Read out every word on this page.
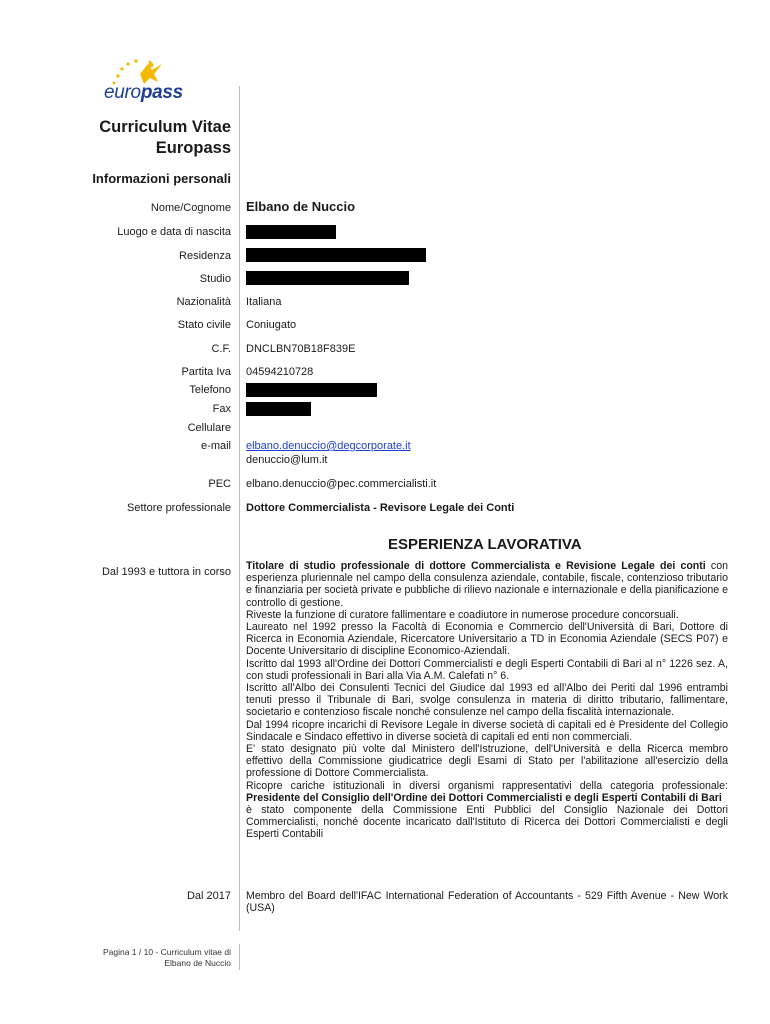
europass
Curriculum Vitae
Europass
Informazioni personali
Nome/Cognome Elbano de Nuccio
Luogo e data di nascita
Residenza
Studio
Nazionalità Italiana
Stato civile Coniugato
C.F. DNCLBN70B18F839E
Partita Iva 04594210728
Telefono
Fax
Cellulare
e-mail elbano.denuccio@degcorporate.it
denuccio@lum.it
PEC elbano.denuccio@pec.commercialisti.it
Settore professionale Dottore Commercialista - Revisore Legale dei Conti
ESPERIENZA LAVORATIVA
Dal 1993 e tuttora in corso Titolare di studio professionale di dottore Commercialista e Revisione Legale dei conti con esperienza pluriennale nel campo della consulenza aziendale, contabile, fiscale, contenzioso tributario e finanziaria per società private e pubbliche di rilievo nazionale e internazionale e della pianificazione e controllo di gestione.

Riveste la funzione di curatore fallimentare e coadiutore in numerose procedure concorsuali.

Laureato nel 1992 presso la Facoltà di Economia e Commercio dell'Università di Bari, Dottore di Ricerca in Economia Aziendale, Ricercatore Universitario a TD in Economia Aziendale (SECS P07) e Docente Universitario di discipline Economico-Aziendali.

Iscritto dal 1993 all'Ordine dei Dottori Commercialisti e degli Esperti Contabili di Bari al n° 1226 sez. A, con studi professionali in Bari alla Via A.M. Calefati n° 6.

Iscritto all'Albo dei Consulenti Tecnici del Giudice dal 1993 ed all'Albo dei Periti dal 1996 entrambi tenuti presso il Tribunale di Bari, svolge consulenza in materia di diritto tributario, fallimentare, societario e contenzioso fiscale nonché consulenze nel campo della fiscalità internazionale.

Dal 1994 ricopre incarichi di Revisore Legale in diverse società di capitali ed è Presidente del Collegio Sindacale e Sindaco effettivo in diverse società di capitali ed enti non commerciali.

E' stato designato più volte dal Ministero dell'Istruzione, dell'Università e della Ricerca membro effettivo della Commissione giudicatrice degli Esami di Stato per l'abilitazione all'esercizio della professione di Dottore Commercialista.

Ricopre cariche istituzionali in diversi organismi rappresentativi della categoria professionale: Presidente del Consiglio dell'Ordine dei Dottori Commercialisti e degli Esperti Contabili di Bari

è stato componente della Commissione Enti Pubblici del Consiglio Nazionale dei Dottori Commercialisti, nonché docente incaricato dall'Istituto di Ricerca dei Dottori Commercialisti e degli Esperti Contabili

Dal 2017 Membro del Board dell'IFAC International Federation of Accountants - 529 Fifth Avenue - New Work (USA)
Pagina 1 / 10 - Curriculum vitae di
Elbano de Nuccio
